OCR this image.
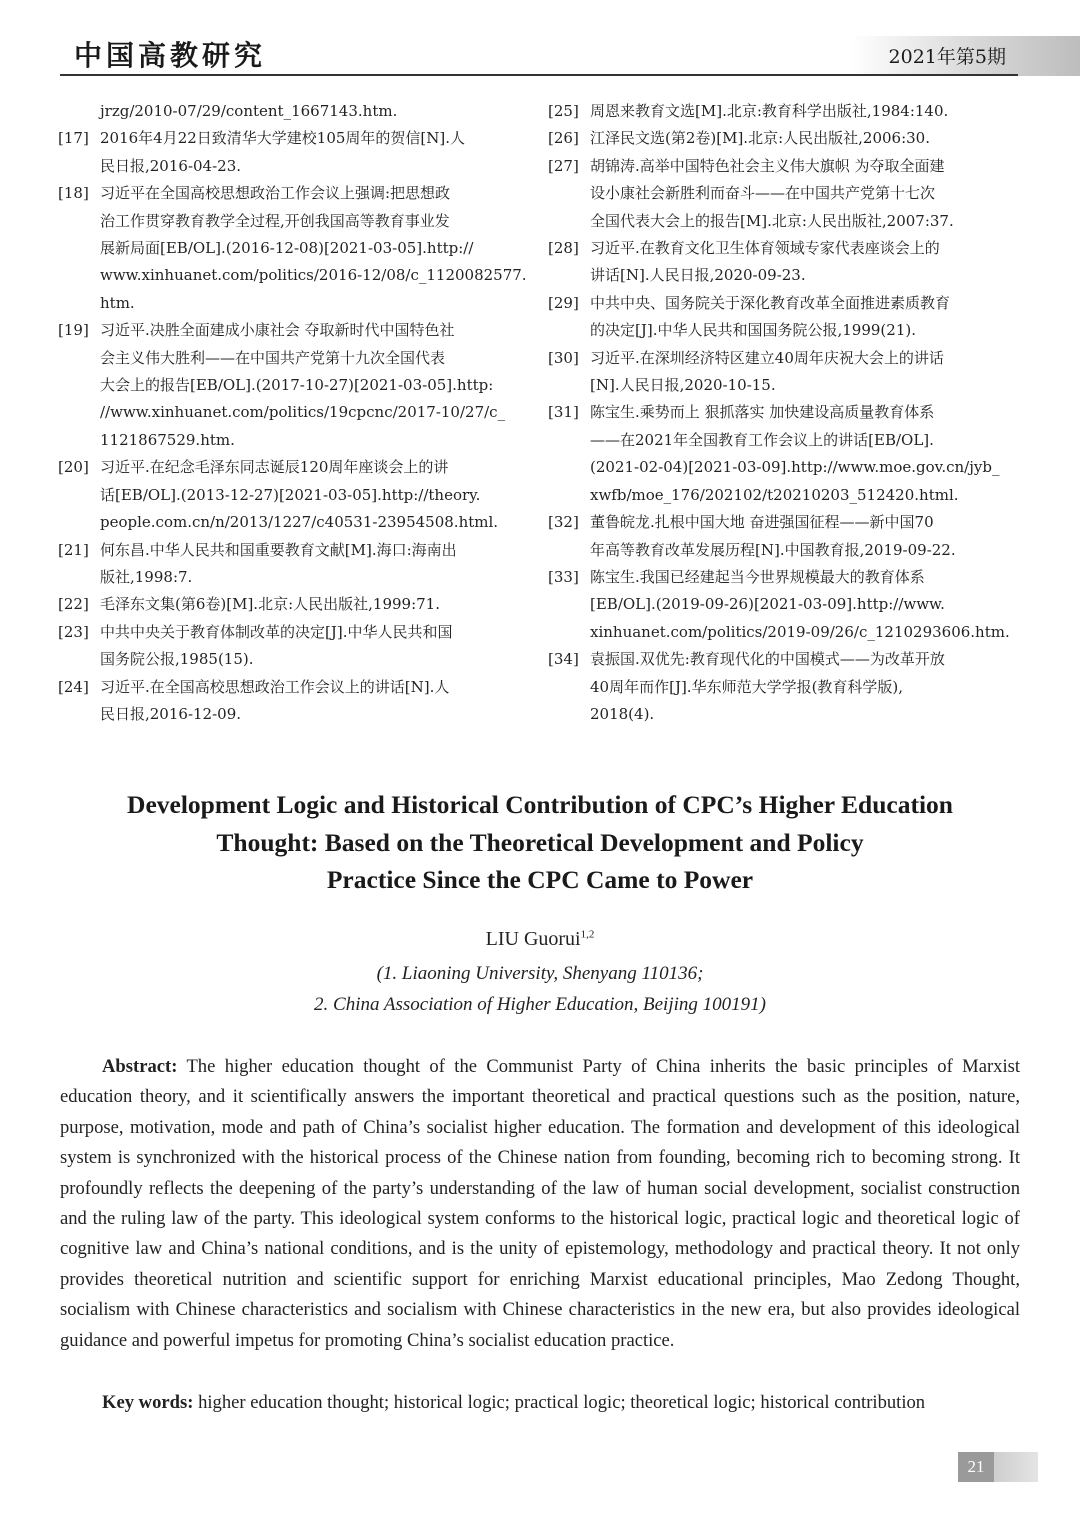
中国高教研究	2021年第5期
jrzg/2010-07/29/content_1667143.htm.
[17] 2016年4月22日致清华大学建校105周年的贺信[N].人
民日报,2016-04-23.
[18] 习近平在全国高校思想政治工作会议上强调:把思想政
治工作贯穿教育教学全过程,开创我国高等教育事业发
展新局面[EB/OL].(2016-12-08)[2021-03-05].http://
www.xinhuanet.com/politics/2016-12/08/c_1120082577.
htm.
[19] 习近平.决胜全面建成小康社会 夺取新时代中国特色社
会主义伟大胜利——在中国共产党第十九次全国代表
大会上的报告[EB/OL].(2017-10-27)[2021-03-05].http:
//www.xinhuanet.com/politics/19cpcnc/2017-10/27/c_
1121867529.htm.
[20] 习近平.在纪念毛泽东同志诞辰120周年座谈会上的讲
话[EB/OL].(2013-12-27)[2021-03-05].http://theory.
people.com.cn/n/2013/1227/c40531-23954508.html.
[21] 何东昌.中华人民共和国重要教育文献[M].海口:海南出
版社,1998:7.
[22] 毛泽东文集(第6卷)[M].北京:人民出版社,1999:71.
[23] 中共中央关于教育体制改革的决定[J].中华人民共和国
国务院公报,1985(15).
[24] 习近平.在全国高校思想政治工作会议上的讲话[N].人
民日报,2016-12-09.
[25] 周恩来教育文选[M].北京:教育科学出版社,1984:140.
[26] 江泽民文选(第2卷)[M].北京:人民出版社,2006:30.
[27] 胡锦涛.高举中国特色社会主义伟大旗帜 为夺取全面建
设小康社会新胜利而奋斗——在中国共产党第十七次
全国代表大会上的报告[M].北京:人民出版社,2007:37.
[28] 习近平.在教育文化卫生体育领域专家代表座谈会上的
讲话[N].人民日报,2020-09-23.
[29] 中共中央、国务院关于深化教育改革全面推进素质教育
的决定[J].中华人民共和国国务院公报,1999(21).
[30] 习近平.在深圳经济特区建立40周年庆祝大会上的讲话
[N].人民日报,2020-10-15.
[31] 陈宝生.乘势而上 狠抓落实 加快建设高质量教育体系
——在2021年全国教育工作会议上的讲话[EB/OL].
(2021-02-04)[2021-03-09].http://www.moe.gov.cn/jyb_
xwfb/moe_176/202102/t20210203_512420.html.
[32] 董鲁皖龙.扎根中国大地 奋进强国征程——新中国70
年高等教育改革发展历程[N].中国教育报,2019-09-22.
[33] 陈宝生.我国已经建起当今世界规模最大的教育体系
[EB/OL].(2019-09-26)[2021-03-09].http://www.
xinhuanet.com/politics/2019-09/26/c_1210293606.htm.
[34] 袁振国.双优先:教育现代化的中国模式——为改革开放
40周年而作[J].华东师范大学学报(教育科学版),
2018(4).
Development Logic and Historical Contribution of CPC’s Higher Education
Thought: Based on the Theoretical Development and Policy
Practice Since the CPC Came to Power
LIU Guorui$^{1,2}$
(1. Liaoning University, Shenyang 110136;
2. China Association of Higher Education, Beijing 100191)

Abstract: The higher education thought of the Communist Party of China inherits the basic principles of Marxist education theory, and it scientifically answers the important theoretical and practical questions such as the position, nature, purpose, motivation, mode and path of China’s socialist higher education. The formation and development of this ideological system is synchronized with the historical process of the Chinese nation from founding, becoming rich to becoming strong. It profoundly reflects the deepening of the party’s understanding of the law of human social development, socialist construction and the ruling law of the party. This ideological system conforms to the historical logic, practical logic and theoretical logic of cognitive law and China’s national conditions, and is the unity of epistemology, methodology and practical theory. It not only provides theoretical nutrition and scientific support for enriching Marxist educational principles, Mao Zedong Thought, socialism with Chinese characteristics and socialism with Chinese characteristics in the new era, but also provides ideological guidance and powerful impetus for promoting China’s socialist education practice.

Key words: higher education thought; historical logic; practical logic; theoretical logic; historical contribution

21
